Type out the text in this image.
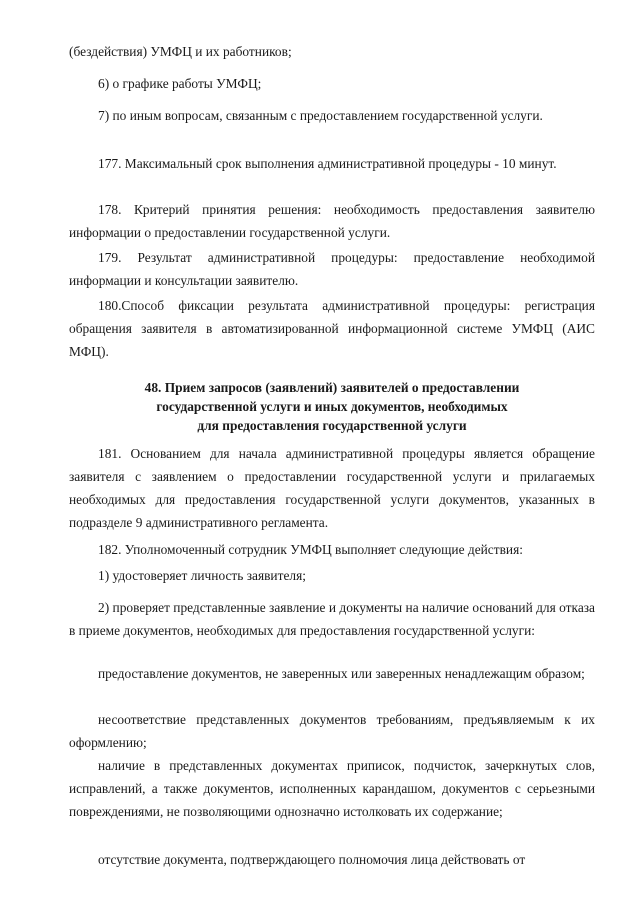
(бездействия) УМФЦ и их работников;
6) о графике работы УМФЦ;
7) по иным вопросам, связанным с предоставлением государственной услуги.
177. Максимальный срок выполнения административной процедуры - 10 минут.
178. Критерий принятия решения: необходимость предоставления заявителю информации о предоставлении государственной услуги.
179. Результат административной процедуры: предоставление необходимой информации и консультации заявителю.
180.Способ фиксации результата административной процедуры: регистрация обращения заявителя в автоматизированной информационной системе УМФЦ (АИС МФЦ).
48. Прием запросов (заявлений) заявителей о предоставлении
государственной услуги и иных документов, необходимых
для предоставления государственной услуги
181. Основанием для начала административной процедуры является обращение заявителя с заявлением о предоставлении государственной услуги и прилагаемых необходимых для предоставления государственной услуги документов, указанных в подразделе 9 административного регламента.
182. Уполномоченный сотрудник УМФЦ выполняет следующие действия:
1) удостоверяет личность заявителя;
2) проверяет представленные заявление и документы на наличие оснований для отказа в приеме документов, необходимых для предоставления государственной услуги:
предоставление документов, не заверенных или заверенных ненадлежащим образом;
несоответствие представленных документов требованиям, предъявляемым к их оформлению;
наличие в представленных документах приписок, подчисток, зачеркнутых слов, исправлений, а также документов, исполненных карандашом, документов с серьезными повреждениями, не позволяющими однозначно истолковать их содержание;
отсутствие документа, подтверждающего полномочия лица действовать от
